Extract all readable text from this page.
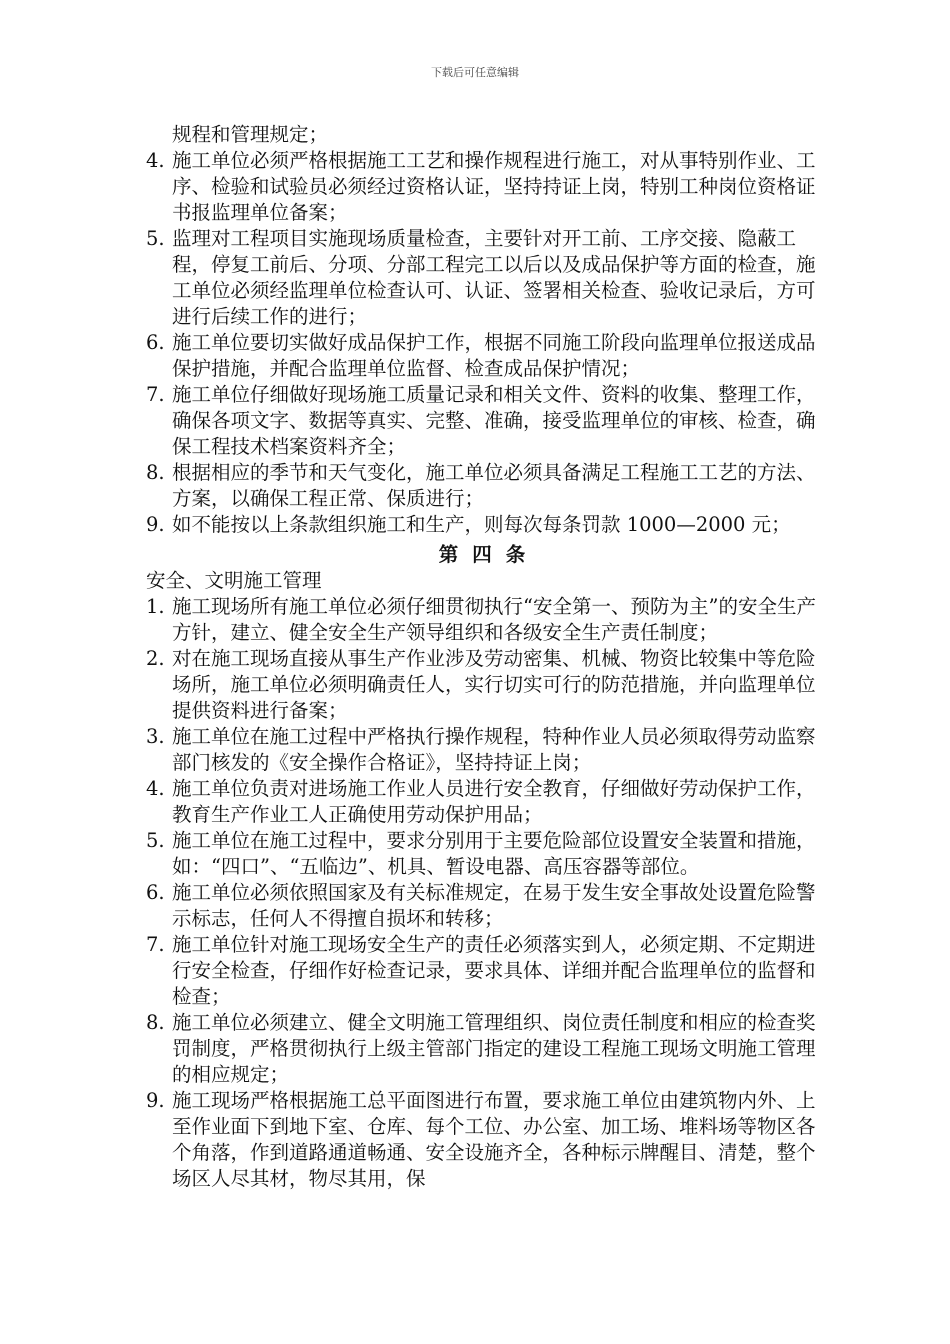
下载后可任意编辑
规程和管理规定；
4. 施工单位必须严格根据施工工艺和操作规程进行施工，对从事特别作业、工序、检验和试验员必须经过资格认证，坚持持证上岗，特别工种岗位资格证书报监理单位备案；
5. 监理对工程项目实施现场质量检查，主要针对开工前、工序交接、隐蔽工程，停复工前后、分项、分部工程完工以后以及成品保护等方面的检查，施工单位必须经监理单位检查认可、认证、签署相关检查、验收记录后，方可进行后续工作的进行；
6. 施工单位要切实做好成品保护工作，根据不同施工阶段向监理单位报送成品保护措施，并配合监理单位监督、检查成品保护情况；
7. 施工单位仔细做好现场施工质量记录和相关文件、资料的收集、整理工作，确保各项文字、数据等真实、完整、准确，接受监理单位的审核、检查，确保工程技术档案资料齐全；
8. 根据相应的季节和天气变化，施工单位必须具备满足工程施工工艺的方法、方案，以确保工程正常、保质进行；
9. 如不能按以上条款组织施工和生产，则每次每条罚款 1000—2000 元；
第四条
安全、文明施工管理
1. 施工现场所有施工单位必须仔细贯彻执行“安全第一、预防为主”的安全生产方针，建立、健全安全生产领导组织和各级安全生产责任制度；
2. 对在施工现场直接从事生产作业涉及劳动密集、机械、物资比较集中等危险场所，施工单位必须明确责任人，实行切实可行的防范措施，并向监理单位提供资料进行备案；
3. 施工单位在施工过程中严格执行操作规程，特种作业人员必须取得劳动监察部门核发的《安全操作合格证》，坚持持证上岗；
4. 施工单位负责对进场施工作业人员进行安全教育，仔细做好劳动保护工作，教育生产作业工人正确使用劳动保护用品；
5. 施工单位在施工过程中，要求分别用于主要危险部位设置安全装置和措施，如：“四口”、“五临边”、机具、暂设电器、高压容器等部位。
6. 施工单位必须依照国家及有关标准规定，在易于发生安全事故处设置危险警示标志，任何人不得擅自损坏和转移；
7. 施工单位针对施工现场安全生产的责任必须落实到人，必须定期、不定期进行安全检查，仔细作好检查记录，要求具体、详细并配合监理单位的监督和检查；
8. 施工单位必须建立、健全文明施工管理组织、岗位责任制度和相应的检查奖罚制度，严格贯彻执行上级主管部门指定的建设工程施工现场文明施工管理的相应规定；
9. 施工现场严格根据施工总平面图进行布置，要求施工单位由建筑物内外、上至作业面下到地下室、仓库、每个工位、办公室、加工场、堆料场等物区各个角落，作到道路通道畅通、安全设施齐全，各种标示牌醒目、清楚，整个场区人尽其材，物尽其用，保
